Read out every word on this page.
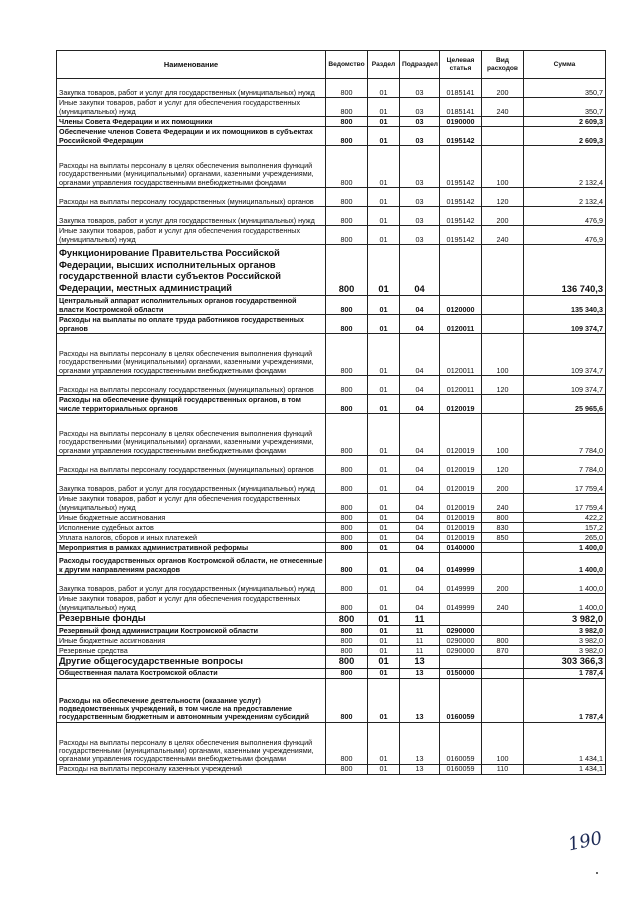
Наименование	Ведомство	Раздел	Подраздел	Целевая статья	Вид расходов	Сумма
Закупка товаров, работ и услуг для государственных (муниципальных) нужд	800	01	03	0185141	200	350,7
Иные закупки товаров, работ и услуг для обеспечения государственных (муниципальных) нужд	800	01	03	0185141	240	350,7
Члены Совета Федерации и их помощники	800	01	03	0190000		2 609,3
Обеспечение членов Совета Федерации и их помощников в субъектах Российской Федерации	800	01	03	0195142		2 609,3
Расходы на выплаты персоналу в целях обеспечения выполнения функций государственными (муниципальными) органами, казенными учреждениями, органами управления государственными внебюджетными фондами	800	01	03	0195142	100	2 132,4
Расходы на выплаты персоналу государственных (муниципальных) органов	800	01	03	0195142	120	2 132,4
Закупка товаров, работ и услуг для государственных (муниципальных) нужд	800	01	03	0195142	200	476,9
Иные закупки товаров, работ и услуг для обеспечения государственных (муниципальных) нужд	800	01	03	0195142	240	476,9
Функционирование Правительства Российской Федерации, высших исполнительных органов государственной власти субъектов Российской Федерации, местных администраций	800	01	04			136 740,3
Центральный аппарат исполнительных органов государственной власти Костромской области	800	01	04	0120000		135 340,3
Расходы на выплаты по оплате труда работников государственных органов	800	01	04	0120011		109 374,7
Расходы на выплаты персоналу в целях обеспечения выполнения функций государственными (муниципальными) органами, казенными учреждениями, органами управления государственными внебюджетными фондами	800	01	04	0120011	100	109 374,7
Расходы на выплаты персоналу государственных (муниципальных) органов	800	01	04	0120011	120	109 374,7
Расходы на обеспечение функций государственных органов, в том числе территориальных органов	800	01	04	0120019		25 965,6
Расходы на выплаты персоналу в целях обеспечения выполнения функций государственными (муниципальными) органами, казенными учреждениями, органами управления государственными внебюджетными фондами	800	01	04	0120019	100	7 784,0
Расходы на выплаты персоналу государственных (муниципальных) органов	800	01	04	0120019	120	7 784,0
Закупка товаров, работ и услуг для государственных (муниципальных) нужд	800	01	04	0120019	200	17 759,4
Иные закупки товаров, работ и услуг для обеспечения государственных (муниципальных) нужд	800	01	04	0120019	240	17 759,4
Иные бюджетные ассигнования	800	01	04	0120019	800	422,2
Исполнение судебных актов	800	01	04	0120019	830	157,2
Уплата налогов, сборов и иных платежей	800	01	04	0120019	850	265,0
Мероприятия в рамках административной реформы	800	01	04	0140000		1 400,0
Расходы государственных органов Костромской области, не отнесенные к другим направлениям расходов	800	01	04	0149999		1 400,0
Закупка товаров, работ и услуг для государственных (муниципальных) нужд	800	01	04	0149999	200	1 400,0
Иные закупки товаров, работ и услуг для обеспечения государственных (муниципальных) нужд	800	01	04	0149999	240	1 400,0
Резервные фонды	800	01	11			3 982,0
Резервный фонд администрации Костромской области	800	01	11	0290000		3 982,0
Иные бюджетные ассигнования	800	01	11	0290000	800	3 982,0
Резервные средства	800	01	11	0290000	870	3 982,0
Другие общегосударственные вопросы	800	01	13			303 366,3
Общественная палата Костромской области	800	01	13	0150000		1 787,4
Расходы на обеспечение деятельности (оказание услуг) подведомственных учреждений, в том числе на предоставление государственным бюджетным и автономным учреждениям субсидий	800	01	13	0160059		1 787,4
Расходы на выплаты персоналу в целях обеспечения выполнения функций государственными (муниципальными) органами, казенными учреждениями, органами управления государственными внебюджетными фондами	800	01	13	0160059	100	1 434,1
Расходы на выплаты персоналу казенных учреждений	800	01	13	0160059	110	1 434,1
190
